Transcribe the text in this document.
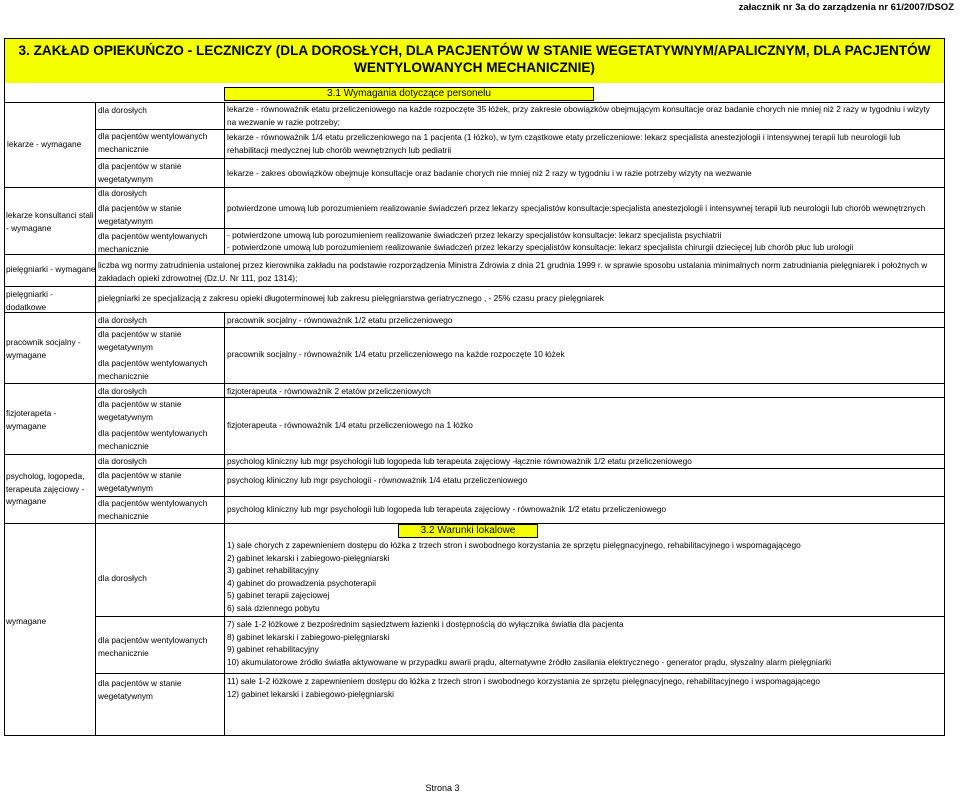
załacznik nr 3a do zarządzenia nr 61/2007/DSOZ
3. ZAKŁAD OPIEKUŃCZO - LECZNICZY (DLA DOROSŁYCH, DLA PACJENTÓW W STANIE WEGETATYWNYM/APALICZNYM, DLA PACJENTÓW WENTYLOWANYCH MECHANICZNIE)
3.1 Wymagania dotyczące personelu
3.2 Warunki lokalowe
lekarze - wymagane
lekarze konsultanci stali - wymagane
pielęgniarki - wymagane
pielęgniarki - dodatkowe
pracownik socjalny - wymagane
fizjoterapeta - wymagane
psycholog, logopeda, terapeuta zajęciowy - wymagane
wymagane
dla dorosłych
dla pacjentów wentylowanych mechanicznie
dla pacjentów w stanie wegetatywnym
dla dorosłych
dla pacjentów w stanie wegetatywnym
dla pacjentów wentylowanych mechanicznie
dla dorosłych
dla pacjentów w stanie wegetatywnym
dla pacjentów wentylowanych mechanicznie
dla dorosłych
dla pacjentów w stanie wegetatywnym
dla pacjentów wentylowanych mechanicznie
dla dorosłych
dla pacjentów w stanie wegetatywnym
dla pacjentów wentylowanych mechanicznie
dla dorosłych
dla pacjentów wentylowanych mechanicznie
dla pacjentów w stanie wegetatywnym
lekarze - równoważnik etatu przeliczeniowego na każde rozpoczęte 35 łóżek, przy zakresie obowiązków obejmującym konsultacje oraz badanie chorych nie mniej niż 2 razy w tygodniu i wizyty na wezwanie w razie potrzeby;
lekarze - równoważnik 1/4 etatu przeliczeniowego na 1 pacjenta (1 łóżko), w tym cząstkowe etaty przeliczeniowe: lekarz specjalista anestezjologii i intensywnej terapii lub neurologii lub rehabilitacji medycznej lub chorób wewnętrznych lub pediatrii
lekarze - zakres obowiązków obejmuje konsultacje oraz badanie chorych nie mniej niż 2 razy w tygodniu i w razie potrzeby wizyty na wezwanie
potwierdzone umową lub porozumieniem realizowanie świadczeń przez lekarzy specjalistów konsultacje:specjalista anestezjologii i intensywnej terapii lub neurologii lub chorób wewnętrznych
- potwierdzone umową lub porozumieniem realizowanie świadczeń przez lekarzy specjalistów konsultacje: lekarz specjalista psychiatrii
- potwierdzone umową lub porozumieniem realizowanie świadczeń przez lekarzy specjalistów konsultacje: lekarz specjalista chirurgii dziecięcej lub chorób płuc lub urologii
liczba wg normy zatrudnienia ustalonej przez kierownika zakładu na podstawie rozporządzenia Ministra Zdrowia z dnia 21 grudnia 1999 r. w sprawie sposobu ustalania minimalnych norm zatrudniania pielęgniarek i położnych w zakładach opieki zdrowotnej (Dz.U. Nr 111, poz 1314);
pielęgniarki ze specjalizacją z zakresu opieki długoterminowej lub zakresu pielęgniarstwa geriatrycznego , - 25% czasu pracy pielęgniarek
pracownik socjalny - równoważnik 1/2 etatu przeliczeniowego
pracownik socjalny - równoważnik 1/4 etatu przeliczeniowego na każde rozpoczęte 10 łóżek
fizjoterapeuta - równoważnik 2 etatów przeliczeniowych
fizjoterapeuta - równoważnik 1/4 etatu przeliczeniowego na 1 łóżko
psycholog kliniczny lub mgr psychologii lub logopeda lub terapeuta zajęciowy -łącznie równoważnik 1/2 etatu przeliczeniowego
psycholog kliniczny lub mgr psychologii - równoważnik 1/4 etatu przeliczeniowego
psycholog kliniczny lub mgr psychologii lub logopeda lub terapeuta zajęciowy - równoważnik 1/2 etatu przeliczeniowego
1) sale chorych z zapewnieniem dostępu do łóżka z trzech stron i swobodnego korzystania ze sprzętu pielęgnacyjnego, rehabilitacyjnego i wspomagającego
2) gabinet lekarski i zabiegowo-pielęgniarski
3) gabinet rehabilitacyjny
4) gabinet do prowadzenia psychoterapii
5) gabinet terapii zajęciowej
6) sala dziennego pobytu
7) sale 1-2 łóżkowe z bezpośrednim sąsiedztwem łazienki i dostępnością do wyłącznika światła dla pacjenta
8) gabinet lekarski i zabiegowo-pielęgniarski
9) gabinet rehabilitacyjny
10) akumulatorowe źródło światła aktywowane w przypadku awarii prądu, alternatywne źródło zasilania elektrycznego - generator prądu, słyszalny alarm pielęgniarki
11) sale 1-2 łóżkowe z zapewnieniem dostępu do łóżka z trzech stron i swobodnego korzystania ze sprzętu pielęgnacyjnego, rehabilitacyjnego i wspomagającego
12) gabinet lekarski i zabiegowo-pielęgniarski
Strona 3
